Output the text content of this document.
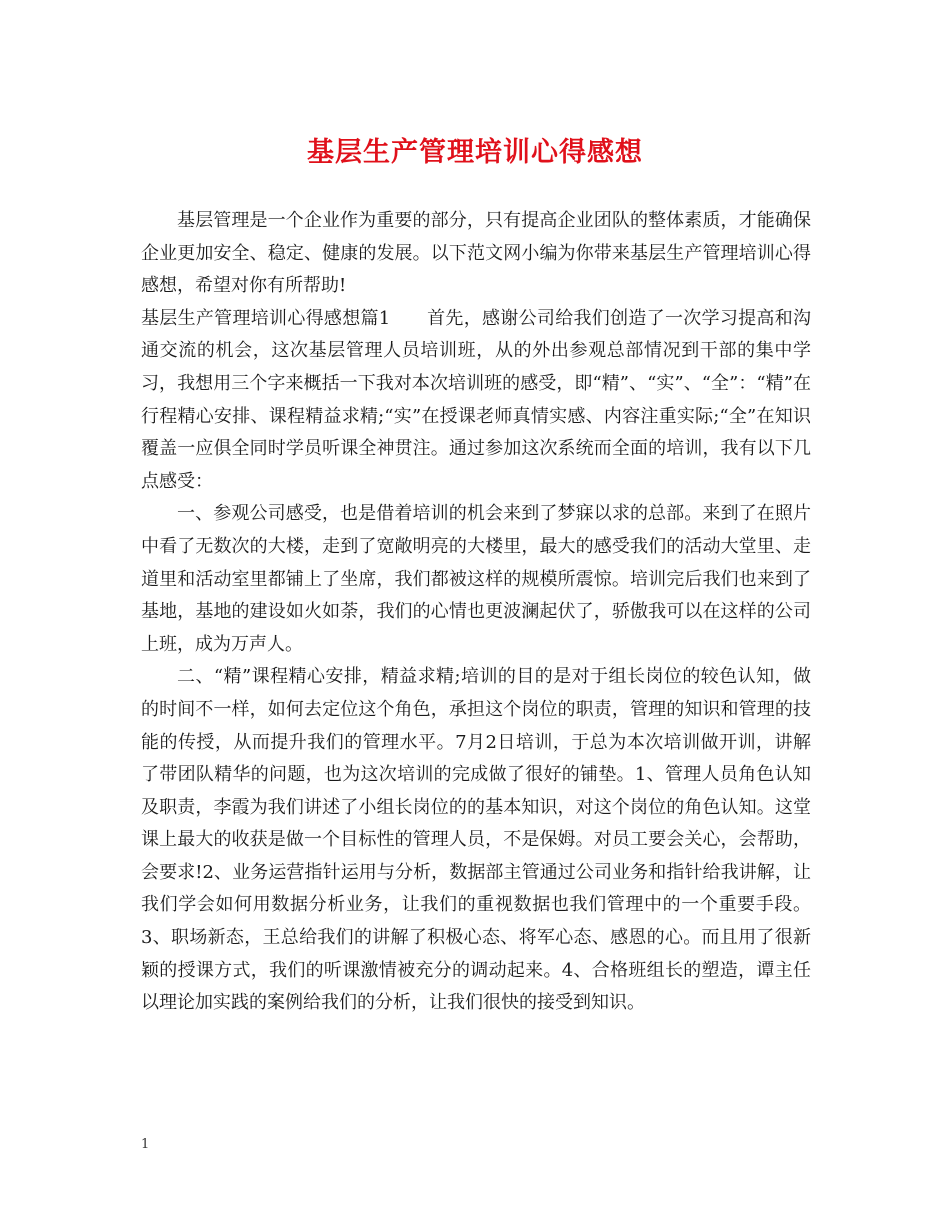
基层生产管理培训心得感想

基层管理是一个企业作为重要的部分，只有提高企业团队的整体素质，才能确保企业更加安全、稳定、健康的发展。以下范文网小编为你带来基层生产管理培训心得感想，希望对你有所帮助!

基层生产管理培训心得感想篇1　　首先，感谢公司给我们创造了一次学习提高和沟通交流的机会，这次基层管理人员培训班，从的外出参观总部情况到干部的集中学习，我想用三个字来概括一下我对本次培训班的感受，即“精”、“实”、“全”：“精”在行程精心安排、课程精益求精;“实”在授课老师真情实感、内容注重实际;“全”在知识覆盖一应俱全同时学员听课全神贯注。通过参加这次系统而全面的培训，我有以下几点感受：

一、参观公司感受，也是借着培训的机会来到了梦寐以求的总部。来到了在照片中看了无数次的大楼，走到了宽敞明亮的大楼里，最大的感受我们的活动大堂里、走道里和活动室里都铺上了坐席，我们都被这样的规模所震惊。培训完后我们也来到了基地，基地的建设如火如荼，我们的心情也更波澜起伏了，骄傲我可以在这样的公司上班，成为万声人。

二、“精”课程精心安排，精益求精;培训的目的是对于组长岗位的较色认知，做的时间不一样，如何去定位这个角色，承担这个岗位的职责，管理的知识和管理的技能的传授，从而提升我们的管理水平。7月2日培训，于总为本次培训做开训，讲解了带团队精华的问题，也为这次培训的完成做了很好的铺垫。1、管理人员角色认知及职责，李霞为我们讲述了小组长岗位的的基本知识，对这个岗位的角色认知。这堂课上最大的收获是做一个目标性的管理人员，不是保姆。对员工要会关心，会帮助，会要求!2、业务运营指针运用与分析，数据部主管通过公司业务和指针给我讲解，让我们学会如何用数据分析业务，让我们的重视数据也我们管理中的一个重要手段。3、职场新态，王总给我们的讲解了积极心态、将军心态、感恩的心。而且用了很新颖的授课方式，我们的听课激情被充分的调动起来。4、合格班组长的塑造，谭主任以理论加实践的案例给我们的分析，让我们很快的接受到知识。

1
